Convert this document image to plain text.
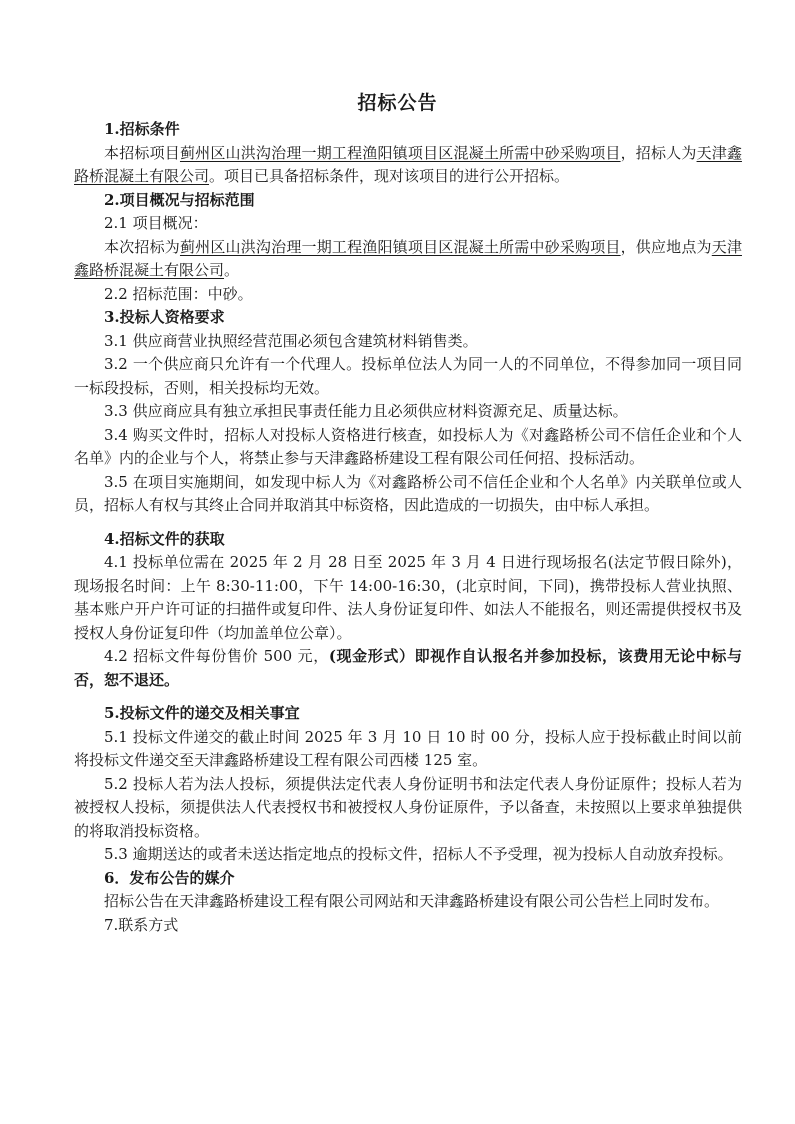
招标公告

1.招标条件

本招标项目蓟州区山洪沟治理一期工程渔阳镇项目区混凝土所需中砂采购项目，招标人为天津鑫路桥混凝土有限公司。项目已具备招标条件，现对该项目的进行公开招标。

2.项目概况与招标范围

2.1 项目概况：

本次招标为蓟州区山洪沟治理一期工程渔阳镇项目区混凝土所需中砂采购项目，供应地点为天津鑫路桥混凝土有限公司。

2.2 招标范围：中砂。

3.投标人资格要求

3.1 供应商营业执照经营范围必须包含建筑材料销售类。

3.2 一个供应商只允许有一个代理人。投标单位法人为同一人的不同单位，不得参加同一项目同一标段投标，否则，相关投标均无效。

3.3 供应商应具有独立承担民事责任能力且必须供应材料资源充足、质量达标。

3.4 购买文件时，招标人对投标人资格进行核查，如投标人为《对鑫路桥公司不信任企业和个人名单》内的企业与个人，将禁止参与天津鑫路桥建设工程有限公司任何招、投标活动。

3.5 在项目实施期间，如发现中标人为《对鑫路桥公司不信任企业和个人名单》内关联单位或人员，招标人有权与其终止合同并取消其中标资格，因此造成的一切损失，由中标人承担。

4.招标文件的获取

4.1 投标单位需在 2025 年 2 月 28 日至 2025 年 3 月 4 日进行现场报名(法定节假日除外)，现场报名时间：上午 8:30-11:00，下午 14:00-16:30，(北京时间，下同)，携带投标人营业执照、基本账户开户许可证的扫描件或复印件、法人身份证复印件、如法人不能报名，则还需提供授权书及授权人身份证复印件（均加盖单位公章）。

4.2 招标文件每份售价 500 元，(现金形式）即视作自认报名并参加投标，该费用无论中标与否，恕不退还。

5.投标文件的递交及相关事宜

5.1 投标文件递交的截止时间 2025 年 3 月 10 日 10 时 00 分，投标人应于投标截止时间以前将投标文件递交至天津鑫路桥建设工程有限公司西楼 125 室。

5.2 投标人若为法人投标，须提供法定代表人身份证明书和法定代表人身份证原件；投标人若为被授权人投标，须提供法人代表授权书和被授权人身份证原件，予以备查，未按照以上要求单独提供的将取消投标资格。

5.3 逾期送达的或者未送达指定地点的投标文件，招标人不予受理，视为投标人自动放弃投标。

6．发布公告的媒介

招标公告在天津鑫路桥建设工程有限公司网站和天津鑫路桥建设有限公司公告栏上同时发布。

7.联系方式
